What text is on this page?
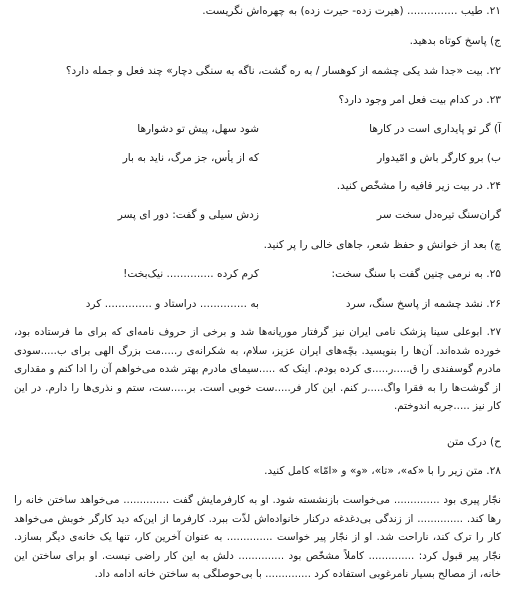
۲۱. طیب ............... (هیرت زده- حیرت زده) به چهره‌اش نگریست.
ج) پاسخ کوتاه بدهید.
۲۲. بیت «جدا شد یکی چشمه از کوهسار / به ره گشت، ناگه به سنگی دچار» چند فعل و جمله دارد؟
۲۳. در کدام بیت فعل امر وجود دارد؟
آ) گر تو پایداری است در کارها
شود سهل، پیش تو دشوارها
ب) برو کارگر باش و امّیدوار
که از یأس، جز مرگ، ناید به بار
۲۴. در بیت زیر قافیه را مشخّص کنید.
گران‌سنگ تیره‌دل سخت سر
زدش سیلی و گفت: دور ای پسر
چ) بعد از خوانش و حفظ شعر، جاهای خالی را پر کنید.
۲۵. به نرمی چنین گفت با سنگ سخت:
کرم کرده .............. نیک‌بخت!
۲۶. نشد چشمه از پاسخ سنگ، سرد
به .............. دراستاد و .............. کرد
۲۷. ابوعلی سینا پزشک نامی ایران نیز گرفتار موریانه‌ها شد و برخی از حروف نامه‌ای که برای ما فرستاده بود، خورده شده‌اند. آن‌ها را بنویسید. بچّه‌های ایران عزیز، سلام، به شکرانه‌ی ر.....مت بزرگ الهی برای ب.....سودی مادرم گوسفندی را ق.....ر.....ی کرده بودم. اینک که .....سیمای مادرم بهتر شده می‌خواهم آن را ادا کنم و مقداری از گوشت‌ها را به فقرا واگ.....ر کنم. این کار فر.....ست خوبی است. بر.....ست، ستم و نذری‌ها را دارم. در این کار نیز .....جربه اندوختم.
ح) درک متن
۲۸. متن زیر را با «که»، «تا»، «و» و «امّا» کامل کنید.
نجّار پیری بود .............. می‌خواست بازنشسته شود. او به کارفرمایش گفت .............. می‌خواهد ساختن خانه را رها کند. .............. از زندگی بی‌دغدغه درکنار خانواده‌اش لذّت ببرد. کارفرما از این‌که دید کارگر خوبش می‌خواهد کار را ترک کند، ناراحت شد. او از نجّار پیر خواست .............. به عنوان آخرین کار، تنها یک خانه‌ی دیگر بسازد. نجّار پیر قبول کرد: .............. کاملاً مشخّص بود .............. دلش به این کار راضی نیست. او برای ساختن این خانه، از مصالح بسیار نامرغوبی استفاده کرد .............. با بی‌حوصلگی به ساختن خانه ادامه داد.
